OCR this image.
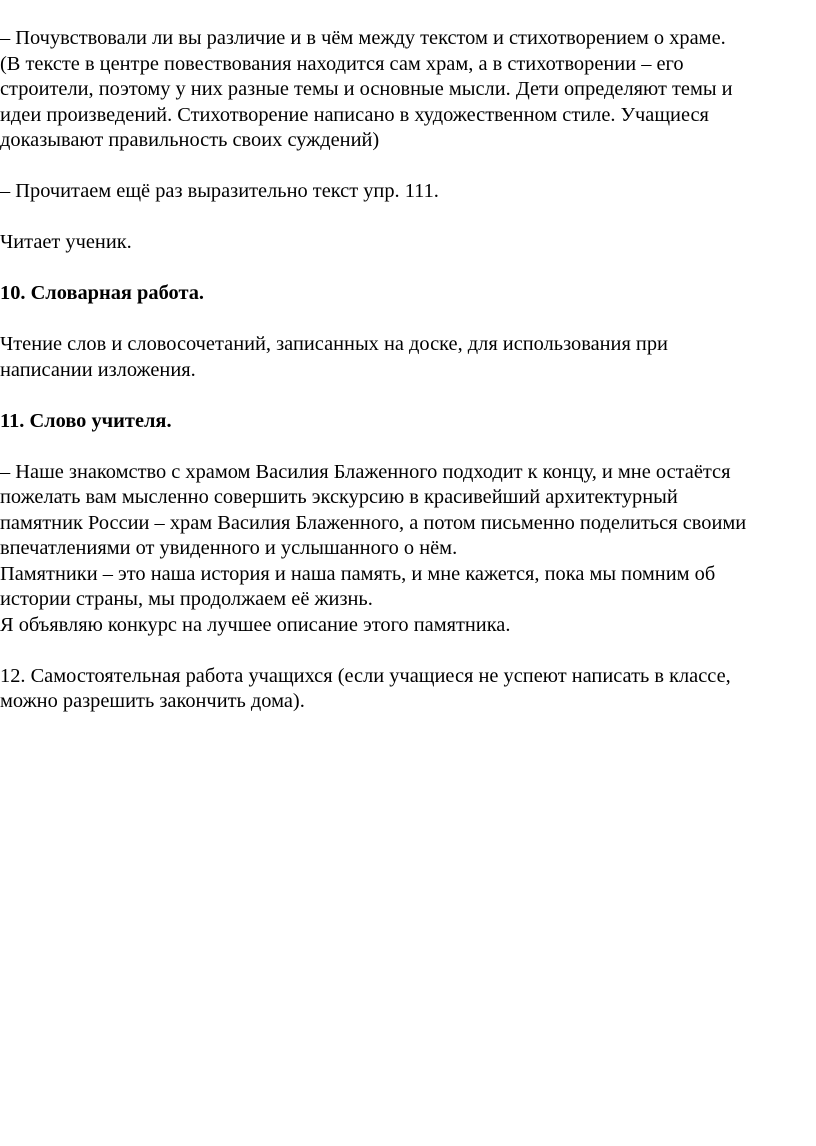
– Почувствовали ли вы различие и в чём между текстом и стихотворением о храме.

(В тексте в центре повествования находится сам храм, а в стихотворении – его

строители, поэтому у них разные темы и основные мысли. Дети определяют темы и

идеи произведений. Стихотворение написано в художественном стиле. Учащиеся

доказывают правильность своих суждений)

– Прочитаем ещё раз выразительно текст упр. 111.

Читает ученик.

10. Словарная работа.

Чтение слов и словосочетаний, записанных на доске, для использования при

написании изложения.

11. Слово учителя.

– Наше знакомство с храмом Василия Блаженного подходит к концу, и мне остаётся

пожелать вам мысленно совершить экскурсию в красивейший архитектурный

памятник России – храм Василия Блаженного, а потом письменно поделиться своими

впечатлениями от увиденного и услышанного о нём.

Памятники – это наша история и наша память, и мне кажется, пока мы помним об

истории страны, мы продолжаем её жизнь.

Я объявляю конкурс на лучшее описание этого памятника.

12. Самостоятельная работа учащихся (если учащиеся не успеют написать в классе,

можно разрешить закончить дома).
